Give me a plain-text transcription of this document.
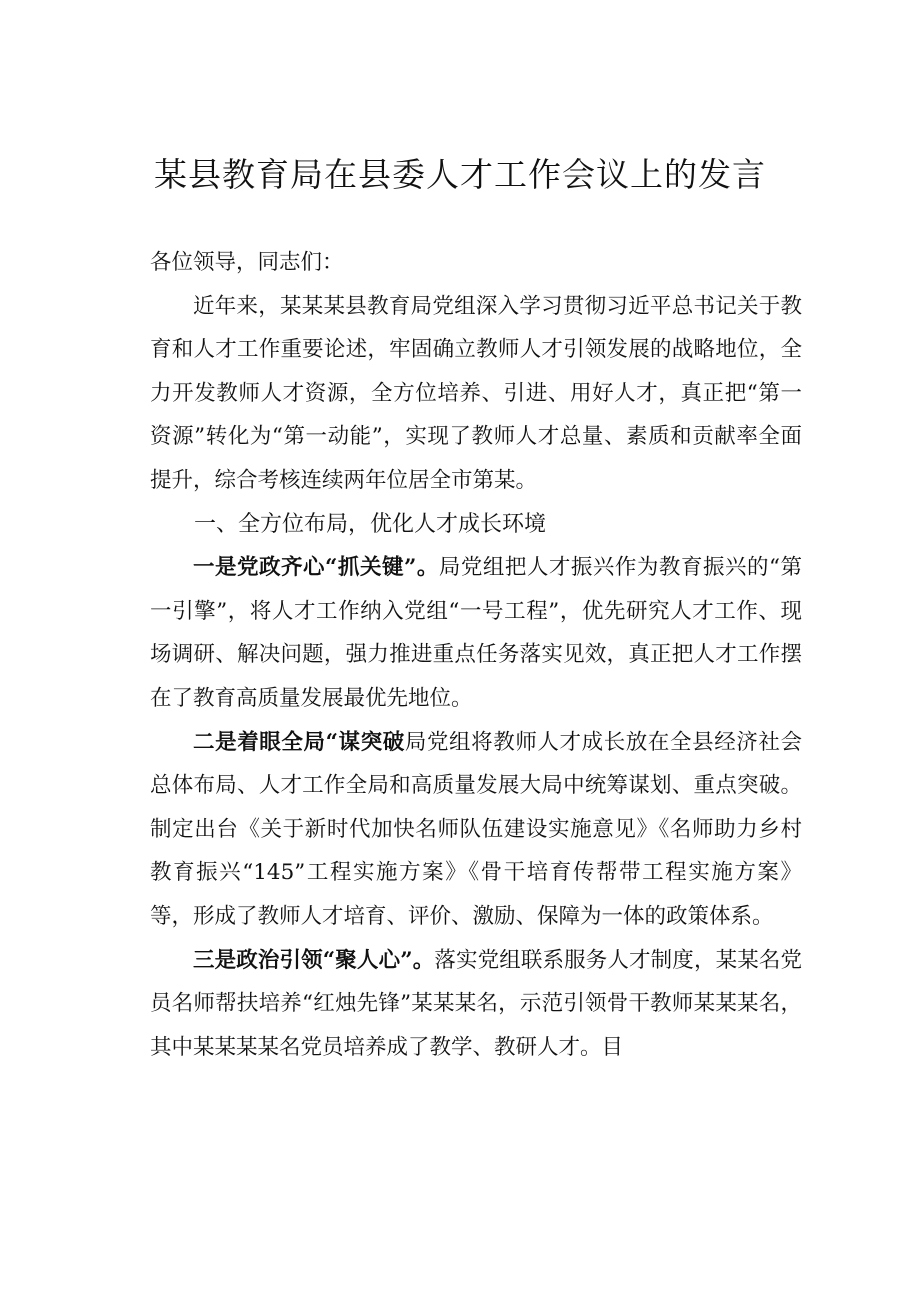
某县教育局在县委人才工作会议上的发言

各位领导，同志们：

近年来，某某某县教育局党组深入学习贯彻习近平总书记关于教育和人才工作重要论述，牢固确立教师人才引领发展的战略地位，全力开发教师人才资源，全方位培养、引进、用好人才，真正把“第一资源”转化为“第一动能”，实现了教师人才总量、素质和贡献率全面提升，综合考核连续两年位居全市第某。

一、全方位布局，优化人才成长环境

一是党政齐心“抓关键”。局党组把人才振兴作为教育振兴的“第一引擎”，将人才工作纳入党组“一号工程”，优先研究人才工作、现场调研、解决问题，强力推进重点任务落实见效，真正把人才工作摆在了教育高质量发展最优先地位。

二是着眼全局“谋突破局党组将教师人才成长放在全县经济社会总体布局、人才工作全局和高质量发展大局中统筹谋划、重点突破。制定出台《关于新时代加快名师队伍建设实施意见》《名师助力乡村教育振兴“145”工程实施方案》《骨干培育传帮带工程实施方案》等，形成了教师人才培育、评价、激励、保障为一体的政策体系。

三是政治引领“聚人心”。落实党组联系服务人才制度，某某名党员名师帮扶培养“红烛先锋”某某某名，示范引领骨干教师某某某名，其中某某某某名党员培养成了教学、教研人才。目
